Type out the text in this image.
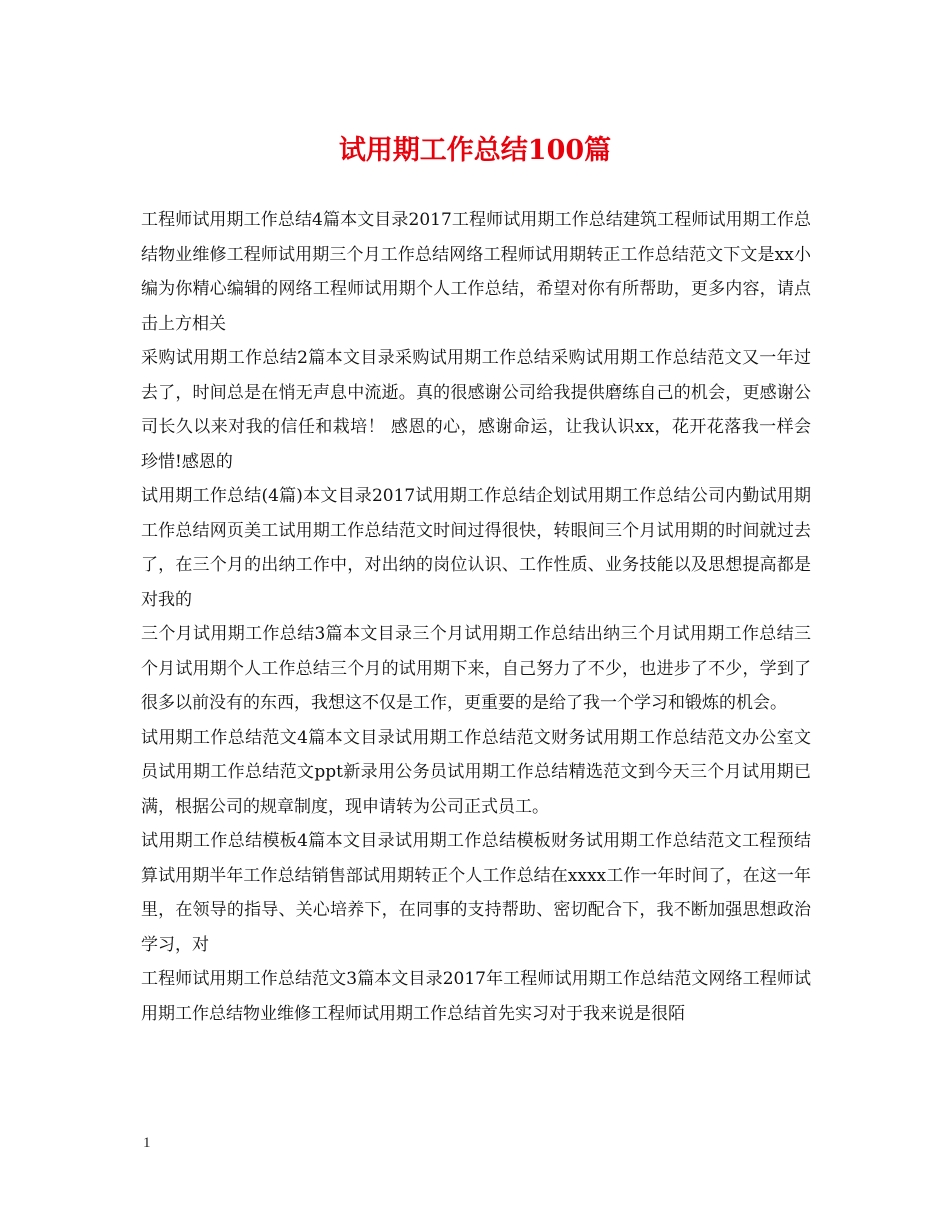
试用期工作总结100篇

工程师试用期工作总结4篇本文目录2017工程师试用期工作总结建筑工程师试用期工作总结物业维修工程师试用期三个月工作总结网络工程师试用期转正工作总结范文下文是xx小编为你精心编辑的网络工程师试用期个人工作总结，希望对你有所帮助，更多内容，请点击上方相关

采购试用期工作总结2篇本文目录采购试用期工作总结采购试用期工作总结范文又一年过去了，时间总是在悄无声息中流逝。真的很感谢公司给我提供磨练自己的机会，更感谢公司长久以来对我的信任和栽培！ 感恩的心，感谢命运，让我认识xx，花开花落我一样会珍惜!感恩的

试用期工作总结(4篇)本文目录2017试用期工作总结企划试用期工作总结公司内勤试用期工作总结网页美工试用期工作总结范文时间过得很快，转眼间三个月试用期的时间就过去了，在三个月的出纳工作中，对出纳的岗位认识、工作性质、业务技能以及思想提高都是对我的

三个月试用期工作总结3篇本文目录三个月试用期工作总结出纳三个月试用期工作总结三个月试用期个人工作总结三个月的试用期下来，自己努力了不少，也进步了不少，学到了很多以前没有的东西，我想这不仅是工作，更重要的是给了我一个学习和锻炼的机会。

试用期工作总结范文4篇本文目录试用期工作总结范文财务试用期工作总结范文办公室文员试用期工作总结范文ppt新录用公务员试用期工作总结精选范文到今天三个月试用期已满，根据公司的规章制度，现申请转为公司正式员工。

试用期工作总结模板4篇本文目录试用期工作总结模板财务试用期工作总结范文工程预结算试用期半年工作总结销售部试用期转正个人工作总结在xxxx工作一年时间了，在这一年里，在领导的指导、关心培养下，在同事的支持帮助、密切配合下，我不断加强思想政治学习，对

工程师试用期工作总结范文3篇本文目录2017年工程师试用期工作总结范文网络工程师试用期工作总结物业维修工程师试用期工作总结首先实习对于我来说是很陌

1
